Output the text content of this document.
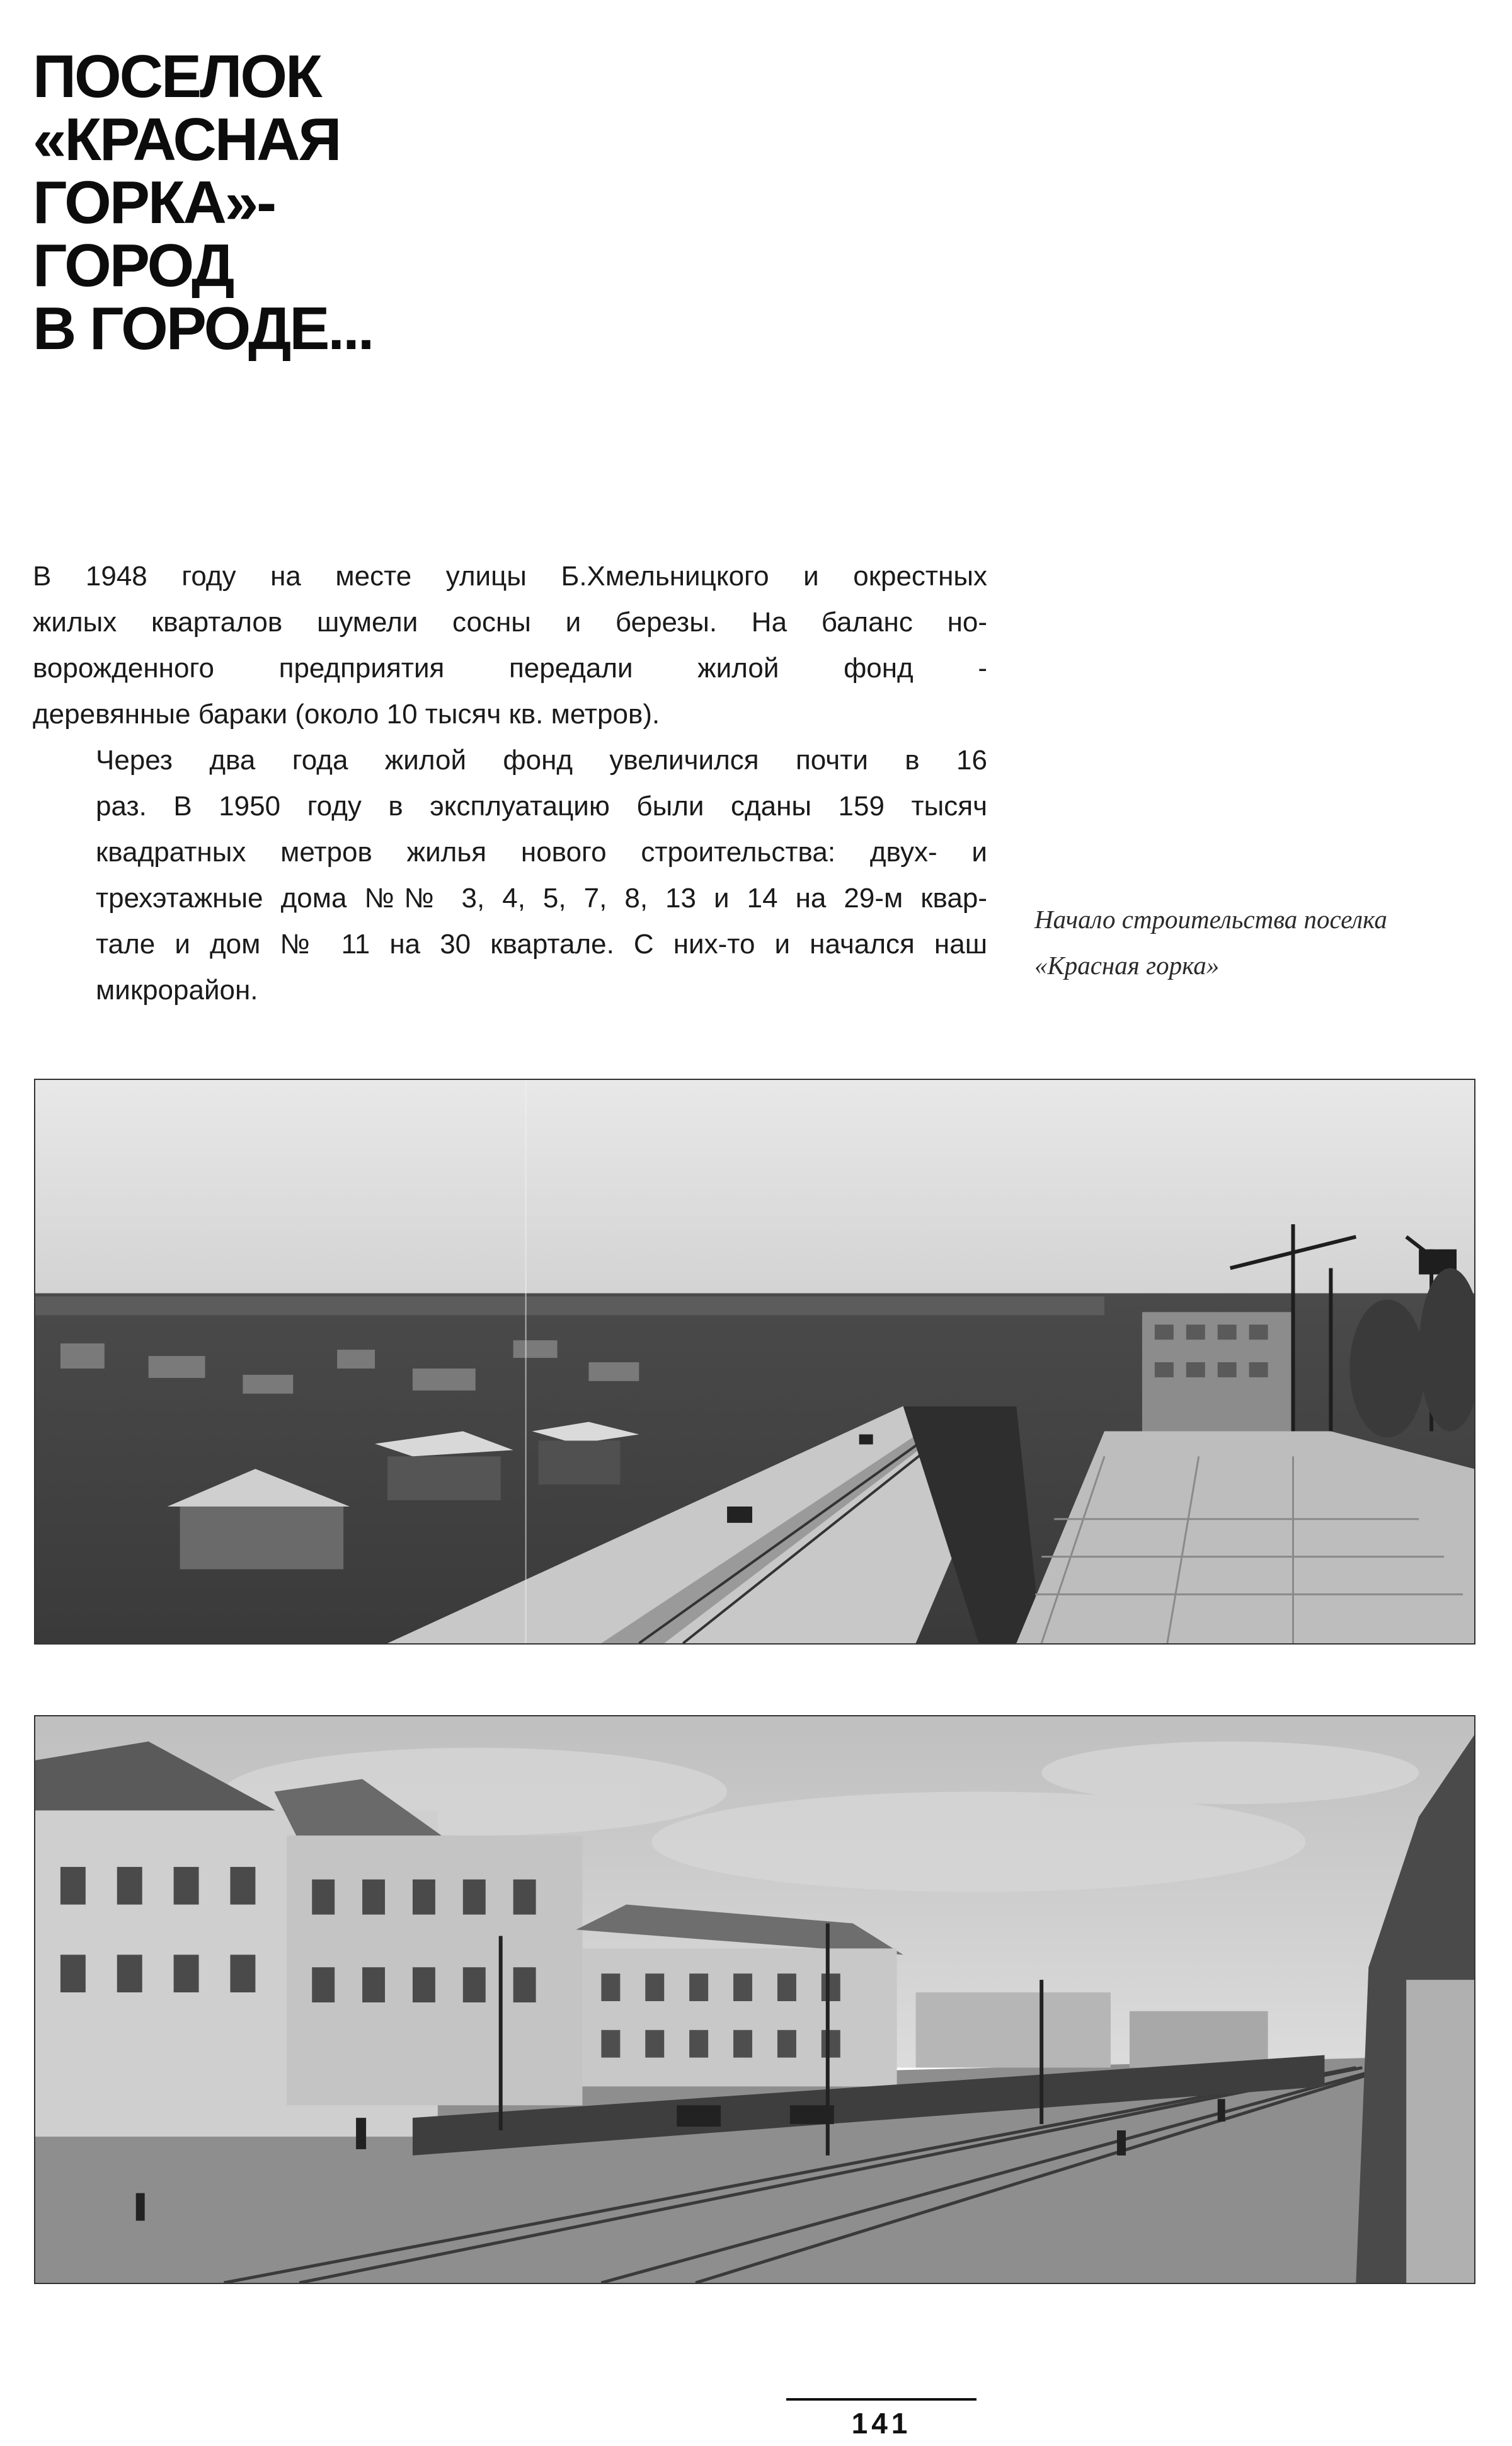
ПОСЕЛОК
«КРАСНАЯ
ГОРКА»-
ГОРОД
В ГОРОДЕ...

В 1948 году на месте улицы Б.Хмельницкого и окрестных
жилых кварталов шумели сосны и березы. На баланс но-
ворожденного предприятия передали жилой фонд -
деревянные бараки (около 10 тысяч кв. метров).

Через два года жилой фонд увеличился почти в 16
раз. В 1950 году в эксплуатацию были сданы 159 тысяч
квадратных метров жилья нового строительства: двух- и
трехэтажные дома №№ 3, 4, 5, 7, 8, 13 и 14 на 29-м квар-
тале и дом № 11 на 30 квартале. С них-то и начался наш
микрорайон.

Начало строительства поселка
«Красная горка»
141
